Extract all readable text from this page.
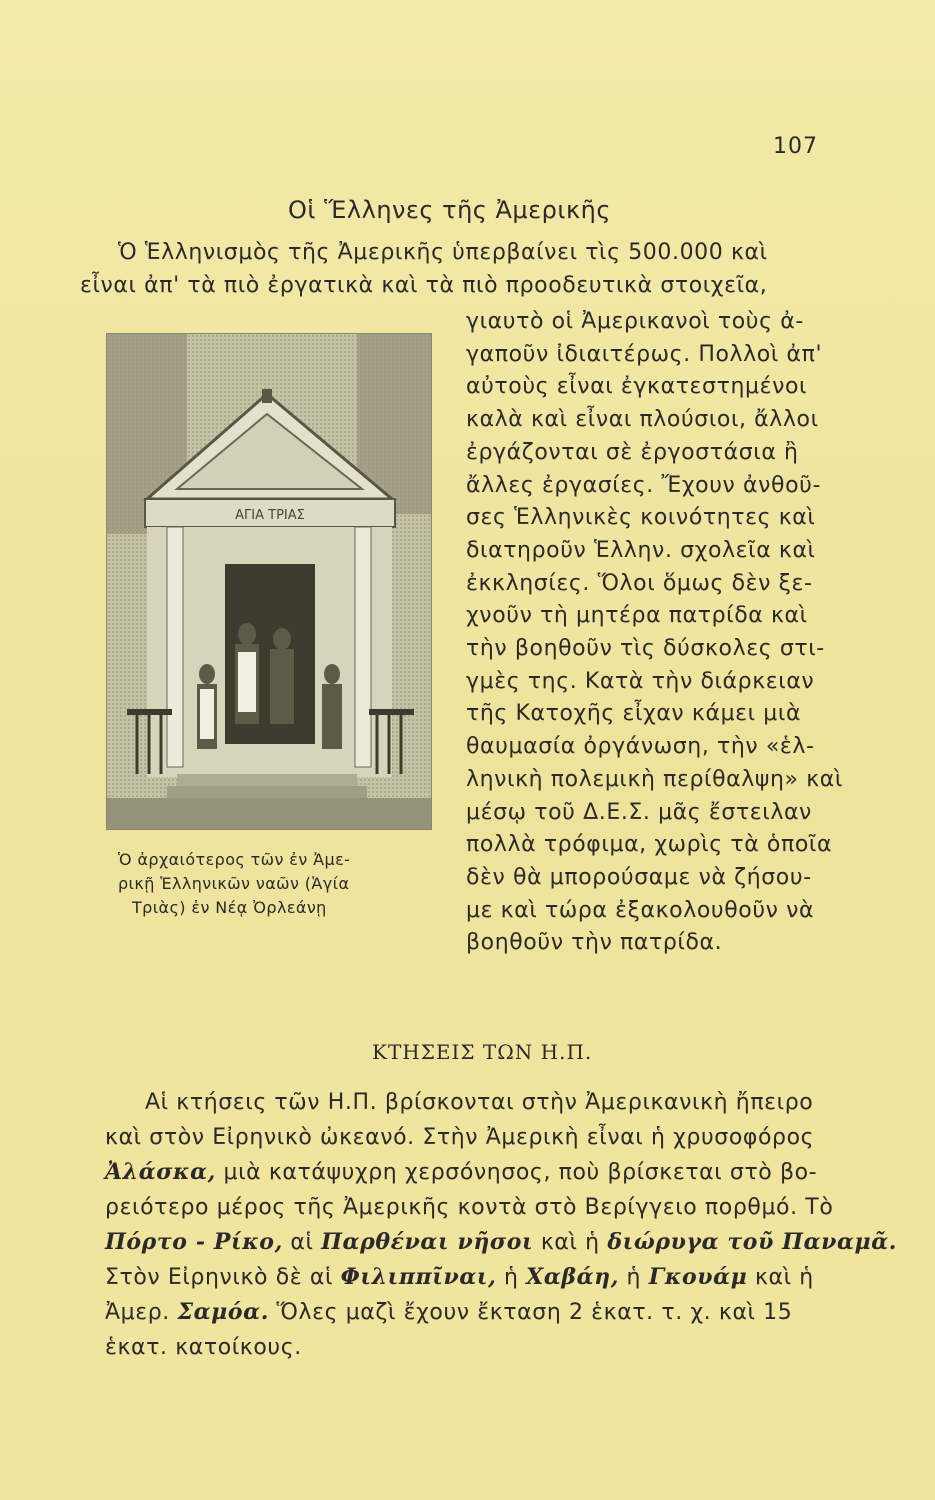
107
Οἱ Ἕλληνες τῆς Ἀμερικῆς
Ὁ Ἑλληνισμὸς τῆς Ἀμερικῆς ὑπερβαίνει τὶς 500.000 καὶ
εἶναι ἀπ' τὰ πιὸ ἐργατικὰ καὶ τὰ πιὸ προοδευτικὰ στοιχεῖα,
ΑΓΙΑ ΤΡΙΑΣ
Ὁ ἀρχαιότερος τῶν ἐν Ἀμε-
ρικῇ Ἑλληνικῶν ναῶν (Ἁγία
Τριὰς) ἐν Νέᾳ Ὀρλεάνῃ
γιαυτὸ οἱ Ἀμερικανοὶ τοὺς ἀ-
γαποῦν ἰδιαιτέρως. Πολλοὶ ἀπ'
αὐτοὺς εἶναι ἐγκατεστημένοι
καλὰ καὶ εἶναι πλούσιοι, ἄλλοι
ἐργάζονται σὲ ἐργοστάσια ἢ
ἄλλες ἐργασίες. Ἔχουν ἀνθοῦ-
σες Ἑλληνικὲς κοινότητες καὶ
διατηροῦν Ἑλλην. σχολεῖα καὶ
ἐκκλησίες. Ὅλοι ὅμως δὲν ξε-
χνοῦν τὴ μητέρα πατρίδα καὶ
τὴν βοηθοῦν τὶς δύσκολες στι-
γμὲς της. Κατὰ τὴν διάρκειαν
τῆς Κατοχῆς εἶχαν κάμει μιὰ
θαυμασία ὀργάνωση, τὴν «ἑλ-
ληνικὴ πολεμικὴ περίθαλψη» καὶ
μέσῳ τοῦ Δ.Ε.Σ. μᾶς ἔστειλαν
πολλὰ τρόφιμα, χωρὶς τὰ ὁποῖα
δὲν θὰ μπορούσαμε νὰ ζήσου-
με καὶ τώρα ἐξακολουθοῦν νὰ
βοηθοῦν τὴν πατρίδα.
ΚΤΗΣΕΙΣ ΤΩΝ Η.Π.
Αἱ κτήσεις τῶν Η.Π. βρίσκονται στὴν Ἀμερικανικὴ ἤπειρο
καὶ στὸν Εἰρηνικὸ ὠκεανό. Στὴν Ἀμερικὴ εἶναι ἡ χρυσοφόρος
Ἀλάσκα, μιὰ κατάψυχρη χερσόνησος, ποὺ βρίσκεται στὸ βο-
ρειότερο μέρος τῆς Ἀμερικῆς κοντὰ στὸ Βερίγγειο πορθμό. Τὸ
Πόρτο - Ρίκο, αἱ Παρθέναι νῆσοι καὶ ἡ διώρυγα τοῦ Παναμᾶ.
Στὸν Εἰρηνικὸ δὲ αἱ Φιλιππῖναι, ἡ Χαβάη, ἡ Γκουάμ καὶ ἡ
Ἀμερ. Σαμόα. Ὅλες μαζὶ ἔχουν ἔκταση 2 ἑκατ. τ. χ. καὶ 15
ἑκατ. κατοίκους.
